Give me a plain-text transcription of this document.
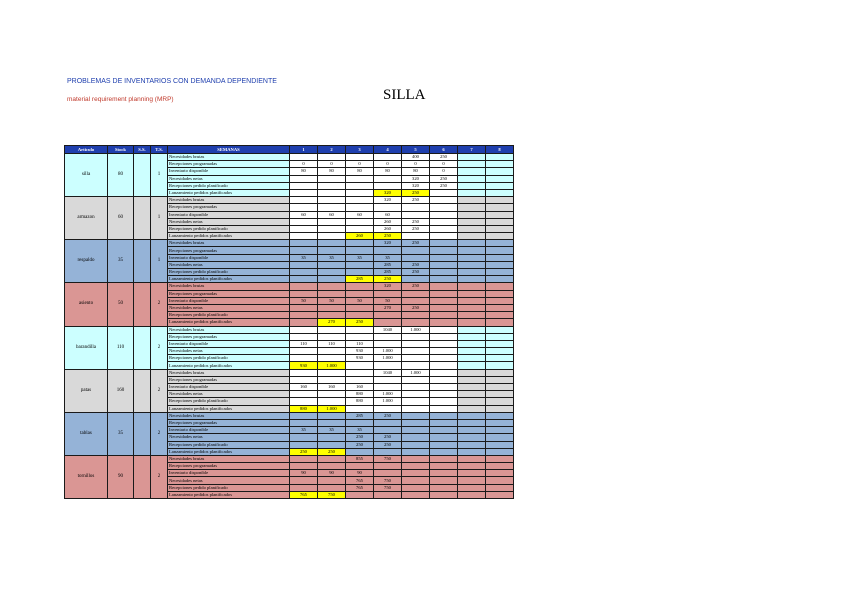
PROBLEMAS DE INVENTARIOS CON DEMANDA DEPENDIENTE
material requirement planning (MRP)	SILLA
Artículo	Stock	S.S.	T.S.	SEMANAS	1	2	3	4	5	6	7	8
silla	80		1	Necesidades brutas					400	250		
				Recepciones programadas	0	0	0	0	0	0		
				Inventario disponible	80	80	80	80	80	0		
				Necesidades netas					320	250		
				Recepciones pedido planificado					320	250		
				Lanzamiento pedidos planificados				320	250			
armazon	60		1	Necesidades brutas				320	250			
				Recepciones programadas								
				Inventario disponible	60	60	60	60				
				Necesidades netas				260	250			
				Recepciones pedido planificado				260	250			
				Lanzamiento pedidos planificados			260	250				
respaldo	35		1	Necesidades brutas				320	250			
				Recepciones programadas								
				Inventario disponible	35	35	35	35				
				Necesidades netas				285	250			
				Recepciones pedido planificado				285	250			
				Lanzamiento pedidos planificados			285	250				
asiento	50		2	Necesidades brutas				320	250			
				Recepciones programadas								
				Inventario disponible	50	50	50	50				
				Necesidades netas				270	250			
				Recepciones pedido planificado								
				Lanzamiento pedidos planificados		270	250					
barandilla	110		2	Necesidades brutas				1040	1.000			
				Recepciones programadas								
				Inventario disponible	110	110	110					
				Necesidades netas			930	1.000				
				Recepciones pedido planificado			930	1.000				
				Lanzamiento pedidos planificados	930	1.000						
patas	160		2	Necesidades brutas				1040	1.000			
				Recepciones programadas								
				Inventario disponible	160	160	160					
				Necesidades netas			880	1.000				
				Recepciones pedido planificado			880	1.000				
				Lanzamiento pedidos planificados	880	1.000						
tablas	35		2	Necesidades brutas			285	250				
				Recepciones programadas								
				Inventario disponible	35	35	35					
				Necesidades netas			250	250				
				Recepciones pedido planificado			250	250				
				Lanzamiento pedidos planificados	250	250						
tornillos	90		2	Necesidades brutas			855	750				
				Recepciones programadas								
				Inventario disponible	90	90	90					
				Necesidades netas			765	750				
				Recepciones pedido planificado			765	750				
				Lanzamiento pedidos planificados	765	750						
